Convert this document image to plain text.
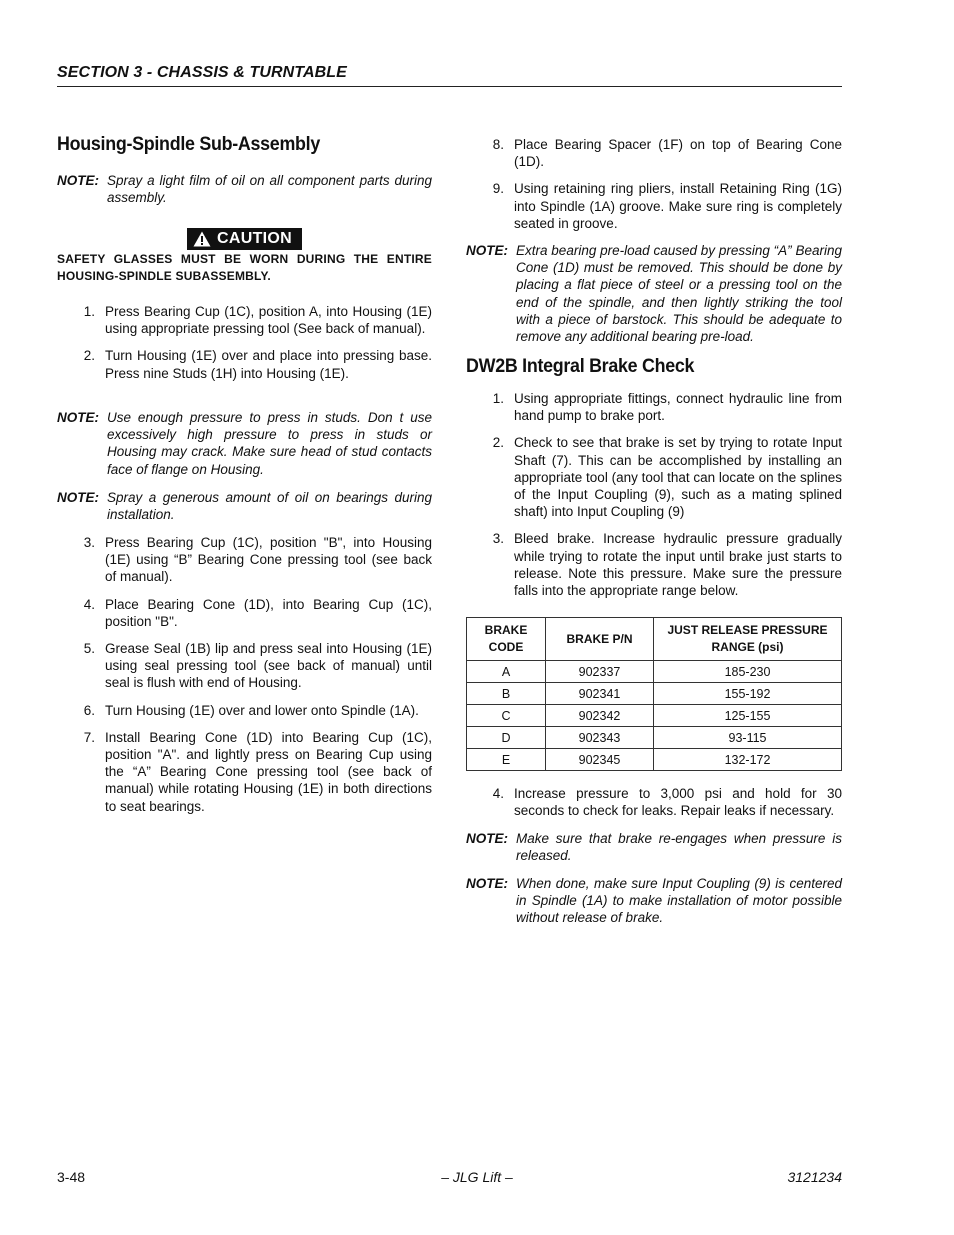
SECTION 3 - CHASSIS & TURNTABLE
Housing-Spindle Sub-Assembly
NOTE: Spray a light film of oil on all component parts during assembly.
CAUTION
SAFETY GLASSES MUST BE WORN DURING THE ENTIRE HOUSING-SPINDLE SUBASSEMBLY.
1. Press Bearing Cup (1C), position A, into Housing (1E) using appropriate pressing tool (See back of manual).
2. Turn Housing (1E) over and place into pressing base. Press nine Studs (1H) into Housing (1E).
NOTE: Use enough pressure to press in studs. Don t use excessively high pressure to press in studs or Housing may crack. Make sure head of stud contacts face of flange on Housing.
NOTE: Spray a generous amount of oil on bearings during installation.
3. Press Bearing Cup (1C), position "B", into Housing (1E) using “B” Bearing Cone pressing tool (see back of manual).
4. Place Bearing Cone (1D), into Bearing Cup (1C), position "B".
5. Grease Seal (1B) lip and press seal into Housing (1E) using seal pressing tool (see back of manual) until seal is flush with end of Housing.
6. Turn Housing (1E) over and lower onto Spindle (1A).
7. Install Bearing Cone (1D) into Bearing Cup (1C), position "A". and lightly press on Bearing Cup using the “A” Bearing Cone pressing tool (see back of manual) while rotating Housing (1E) in both directions to seat bearings.
8. Place Bearing Spacer (1F) on top of Bearing Cone (1D).
9. Using retaining ring pliers, install Retaining Ring (1G) into Spindle (1A) groove. Make sure ring is completely seated in groove.
NOTE: Extra bearing pre-load caused by pressing “A” Bearing Cone (1D) must be removed. This should be done by placing a flat piece of steel or a pressing tool on the end of the spindle, and then lightly striking the tool with a piece of barstock. This should be adequate to remove any additional bearing pre-load.
DW2B Integral Brake Check
1. Using appropriate fittings, connect hydraulic line from hand pump to brake port.
2. Check to see that brake is set by trying to rotate Input Shaft (7). This can be accomplished by installing an appropriate tool (any tool that can locate on the splines of the Input Coupling (9), such as a mating splined shaft) into Input Coupling (9)
3. Bleed brake. Increase hydraulic pressure gradually while trying to rotate the input until brake just starts to release. Note this pressure. Make sure the pressure falls into the appropriate range below.
BRAKE CODE	BRAKE P/N	JUST RELEASE PRESSURE RANGE (psi)
A	902337	185-230
B	902341	155-192
C	902342	125-155
D	902343	93-115
E	902345	132-172
4. Increase pressure to 3,000 psi and hold for 30 seconds to check for leaks. Repair leaks if necessary.
NOTE: Make sure that brake re-engages when pressure is released.
NOTE: When done, make sure Input Coupling (9) is centered in Spindle (1A) to make installation of motor possible without release of brake.
3-48	– JLG Lift –	3121234
